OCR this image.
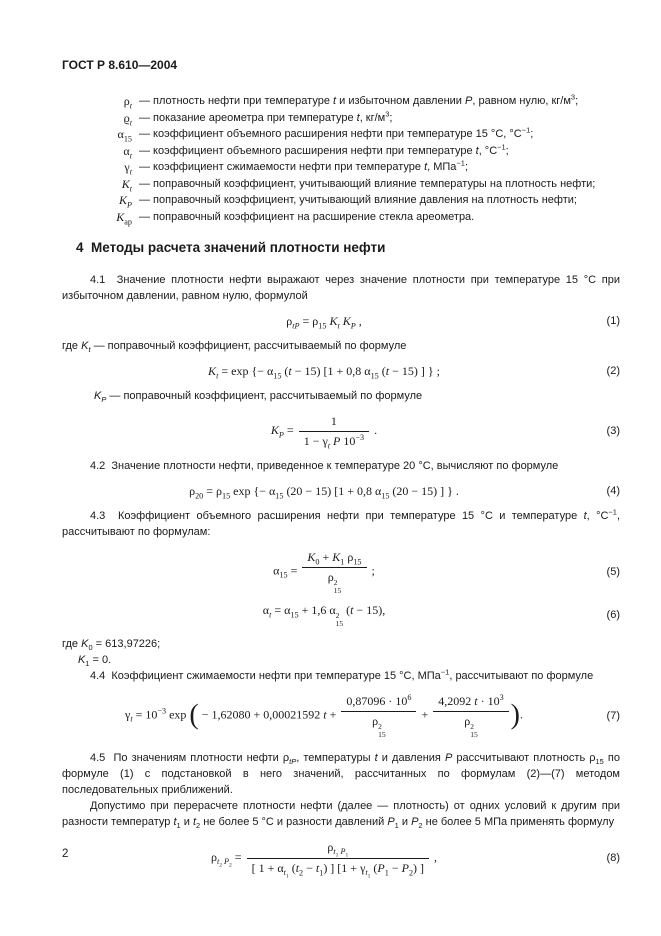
ГОСТ Р 8.610—2004
$\rho_t$ — плотность нефти при температуре t и избыточном давлении P, равном нулю, $кг/м^3$;
$ϱ_t$ — показание ареометра при температуре t, $кг/м^3$;
$\alpha_{15}$ — коэффициент объемного расширения нефти при температуре 15 °С, $^\circ С^{-1}$;
$\alpha_t$ — коэффициент объемного расширения нефти при температуре t, $^\circ С^{-1}$;
$\gamma_t$ — коэффициент сжимаемости нефти при температуре t, МПа$^{-1}$;
$K_t$ — поправочный коэффициент, учитывающий влияние температуры на плотность нефти;
$K_P$ — поправочный коэффициент, учитывающий влияние давления на плотность нефти;
$K_{ар}$ — поправочный коэффициент на расширение стекла ареометра.
4  Методы расчета значений плотности нефти

4.1  Значение плотности нефти выражают через значение плотности при температуре 15 °С при избыточном давлении, равном нулю, формулой

$\rho_{tP} = \rho_{15}$ $K_t$ $K_P$ ,	(1)

где $K_t$ — поправочный коэффициент, рассчитываемый по формуле

$K_t = \exp$ {− $\alpha_{15}$ (t − 15) [1 + 0,8 $\alpha_{15}$ (t − 15) ] } ;	(2)

$K_P$ — поправочный коэффициент, рассчитываемый по формуле

$K_P = \frac{1}{1 - \gamma_t P 10^{-3}}$ .	(3)

4.2  Значение плотности нефти, приведенное к температуре 20 °С, вычисляют по формуле

$\rho_{20} = \rho_{15}$ exp {− $\alpha_{15}$ (20 − 15) [1 + 0,8 $\alpha_{15}$ (20 − 15) ] } .	(4)

4.3  Коэффициент объемного расширения нефти при температуре 15 °С и температуре t, $^\circ С^{-1}$, рассчитывают по формулам:

$\alpha_{15} = K_0 + K_1$ $\rho_{15}$
ρ 2
15 ;	(5)
$\alpha_t = \alpha_{15} + 1,6$ α 2
15
(t − 15),	(6)

где $K_0 = 613,97226$;

$K_1 = 0$.

4.4  Коэффициент сжимаемости нефти при температуре 15 °С, МПа$^{-1}$, рассчитывают по формуле

$\gamma_t = 10^{-3}$ exp ( − 1,62080 + 0,00021592 $t + 0,87096 \cdot 10^6$
ρ 2
15 + 4,2092 $t \cdot 10^3$
ρ 2
15 ).	(7)

4.5  По значениям плотности нефти $\rho_{tP}$, температуры t и давления P рассчитывают плотность $\rho_{15}$ по формуле (1) с подстановкой в него значений, рассчитанных по формулам (2)—(7) методом последовательных приближений.

Допустимо при перерасчете плотности нефти (далее — плотность) от одних условий к другим при разности температур $t_1$ и $t_2$ не более 5 °С и разности давлений $P_1$ и $P_2$ не более 5 МПа применять формулу

$\rho_{t_2 P_2} = \frac{\rho_{t_1 P_1}}{[ 1 + \alpha_{t_1} (t_2 - t_1) ] [1 + \gamma_{t_1} (P_1 - P_2) ]}$ ,	(8)
2
